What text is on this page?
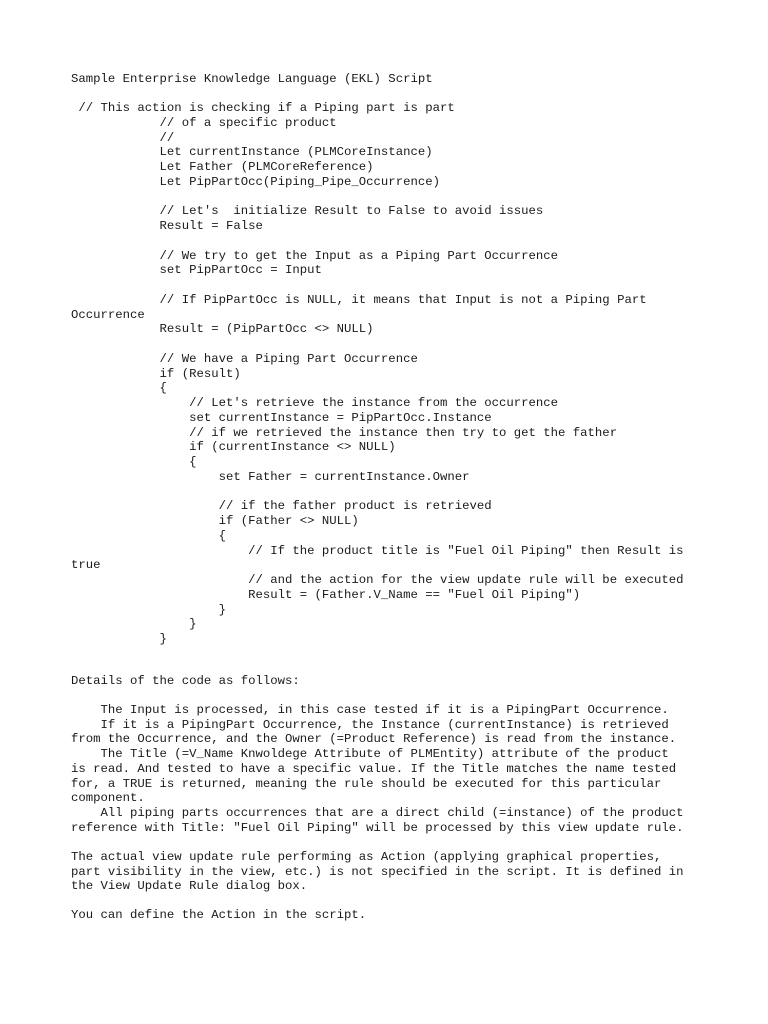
Sample Enterprise Knowledge Language (EKL) Script

// This action is checking if a Piping part is part
// of a specific product
//
Let currentInstance (PLMCoreInstance)
Let Father (PLMCoreReference)
Let PipPartOcc(Piping_Pipe_Occurrence)

// Let's  initialize Result to False to avoid issues
Result = False

// We try to get the Input as a Piping Part Occurrence
set PipPartOcc = Input

// If PipPartOcc is NULL, it means that Input is not a Piping Part
Occurrence
Result = (PipPartOcc <> NULL)

// We have a Piping Part Occurrence
if (Result)
{
// Let's retrieve the instance from the occurrence
set currentInstance = PipPartOcc.Instance
// if we retrieved the instance then try to get the father
if (currentInstance <> NULL)
{
set Father = currentInstance.Owner

// if the father product is retrieved
if (Father <> NULL)
{
// If the product title is "Fuel Oil Piping" then Result is
true
// and the action for the view update rule will be executed
Result = (Father.V_Name == "Fuel Oil Piping")
}
}
}

Details of the code as follows:

The Input is processed, in this case tested if it is a PipingPart Occurrence.
If it is a PipingPart Occurrence, the Instance (currentInstance) is retrieved
from the Occurrence, and the Owner (=Product Reference) is read from the instance.
The Title (=V_Name Knwoldege Attribute of PLMEntity) attribute of the product
is read. And tested to have a specific value. If the Title matches the name tested
for, a TRUE is returned, meaning the rule should be executed for this particular
component.
All piping parts occurrences that are a direct child (=instance) of the product
reference with Title: "Fuel Oil Piping" will be processed by this view update rule.
The actual view update rule performing as Action (applying graphical properties,
part visibility in the view, etc.) is not specified in the script. It is defined in
the View Update Rule dialog box.

You can define the Action in the script.
